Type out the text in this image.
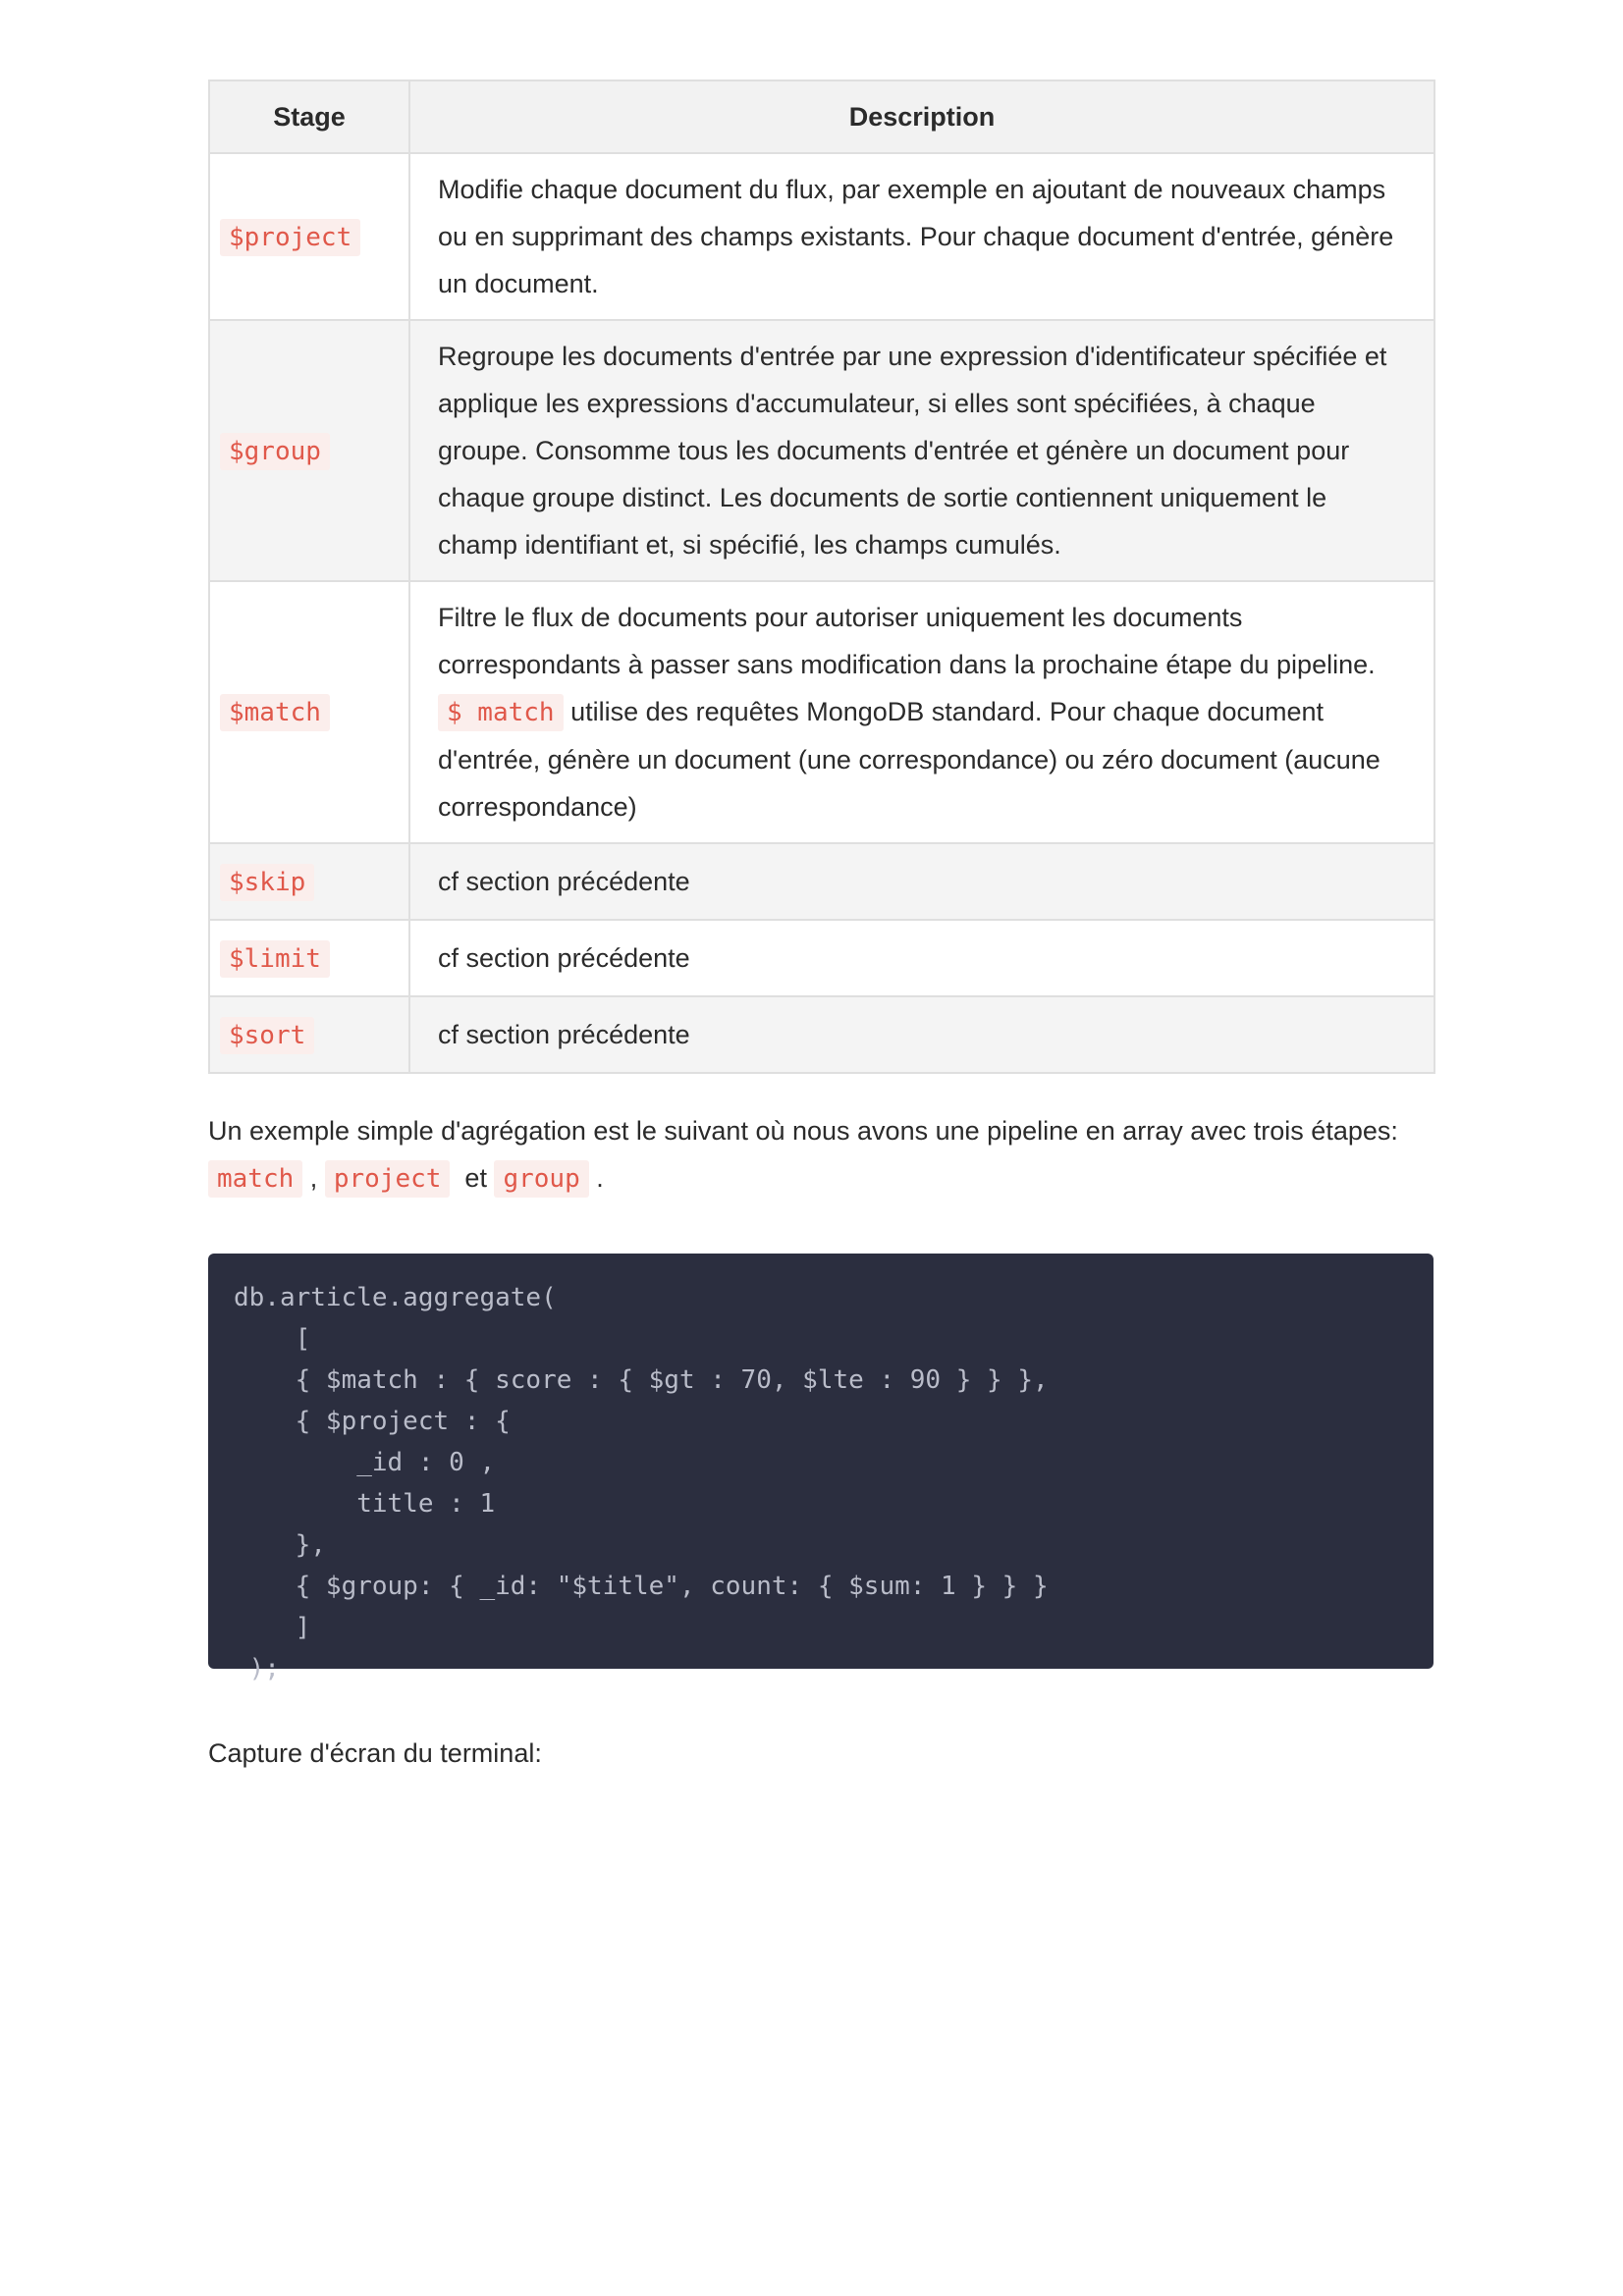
Stage	Description
$project	Modifie chaque document du flux, par exemple en ajoutant de nouveaux champs ou en supprimant des champs existants. Pour chaque document d'entrée, génère un document.
$group	Regroupe les documents d'entrée par une expression d'identificateur spécifiée et applique les expressions d'accumulateur, si elles sont spécifiées, à chaque groupe. Consomme tous les documents d'entrée et génère un document pour chaque groupe distinct. Les documents de sortie contiennent uniquement le champ identifiant et, si spécifié, les champs cumulés.
$match	Filtre le flux de documents pour autoriser uniquement les documents correspondants à passer sans modification dans la prochaine étape du pipeline. $ match utilise des requêtes MongoDB standard. Pour chaque document d'entrée, génère un document (une correspondance) ou zéro document (aucune correspondance)
$skip	cf section précédente
$limit	cf section précédente
$sort	cf section précédente

Un exemple simple d'agrégation est le suivant où nous avons une pipeline en array avec trois étapes:
match , project et group .

db.article.aggregate(
[
{ $match : { score : { $gt : 70, $lte : 90 } } },
{ $project : {
_id : 0 ,
title : 1
},
{ $group: { _id: "$title", count: { $sum: 1 } } }
]
);

Capture d'écran du terminal:
